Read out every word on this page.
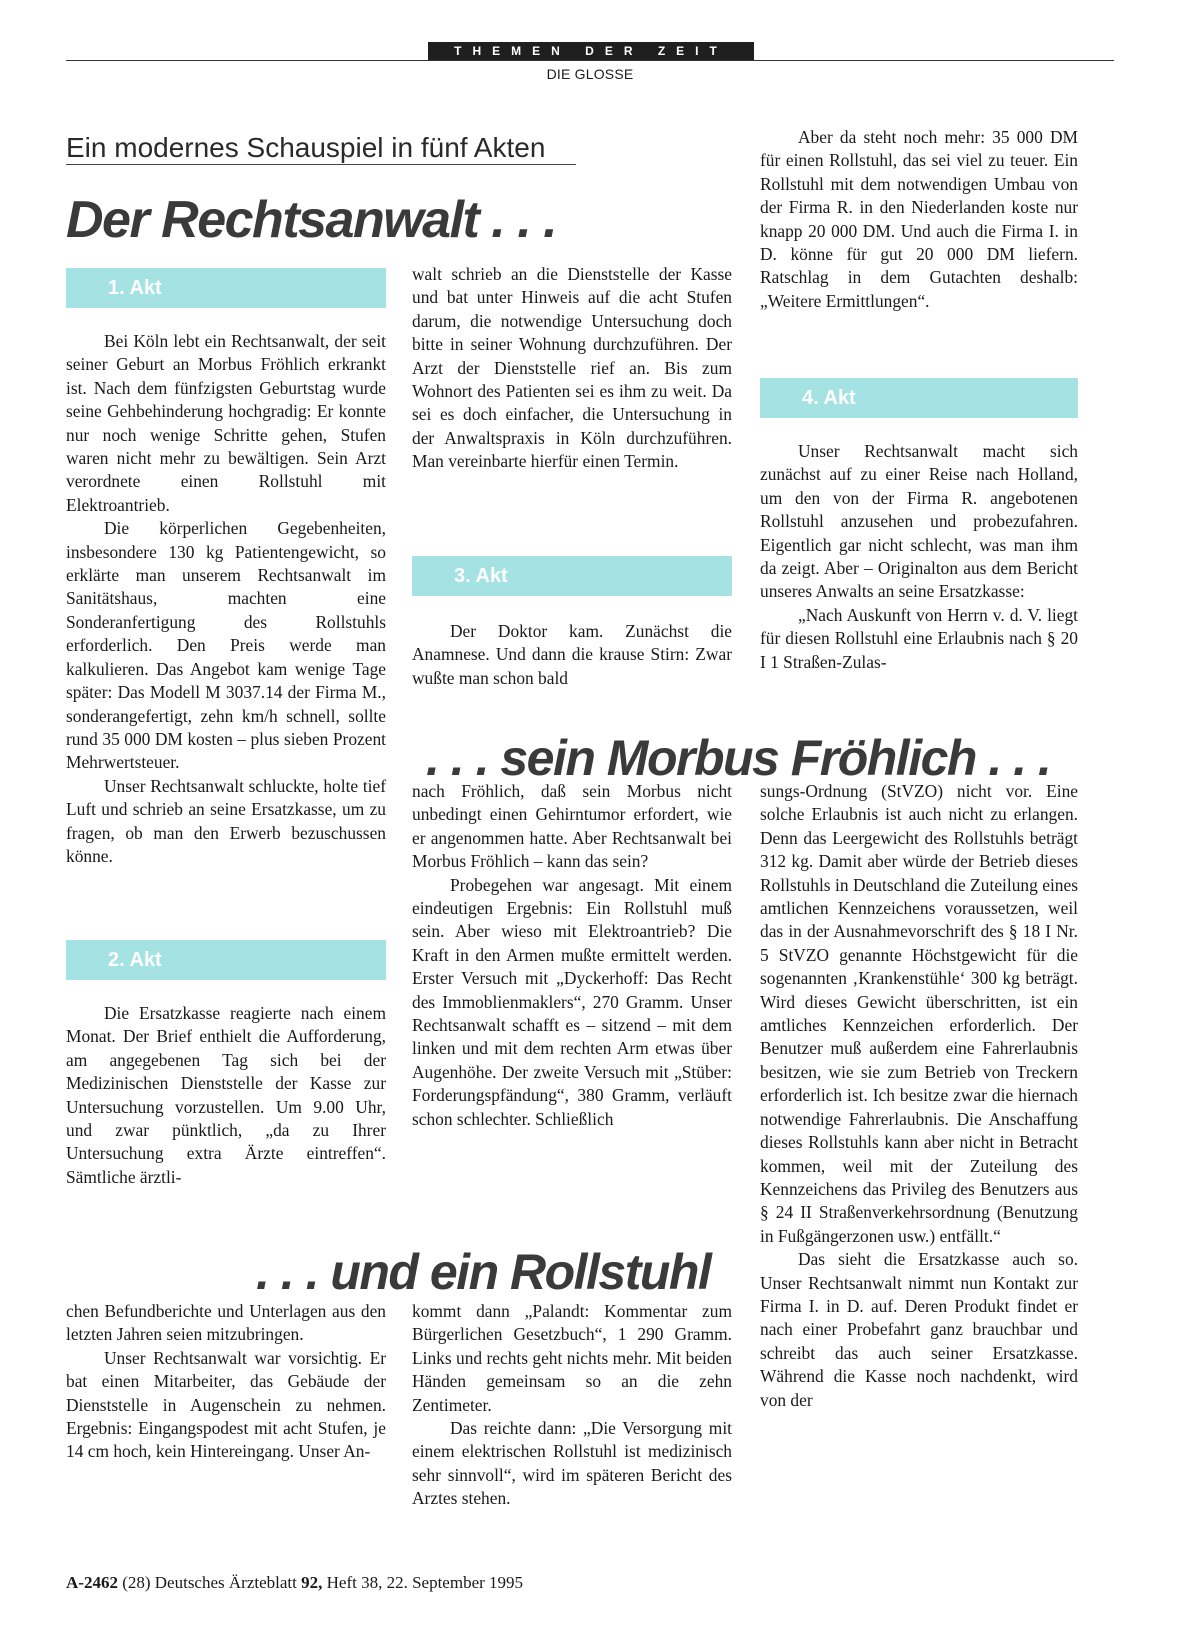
THEMEN DER ZEIT
DIE GLOSSE
Ein modernes Schauspiel in fünf Akten
Der Rechtsanwalt . . .
1. Akt

Bei Köln lebt ein Rechtsanwalt, der seit seiner Geburt an Morbus Fröhlich erkrankt ist. Nach dem fünfzigsten Geburtstag wurde seine Gehbehinderung hochgradig: Er konnte nur noch wenige Schritte gehen, Stufen waren nicht mehr zu bewältigen. Sein Arzt verordnete einen Rollstuhl mit Elektroantrieb.

Die körperlichen Gegebenheiten, insbesondere 130 kg Patientengewicht, so erklärte man unserem Rechtsanwalt im Sanitätshaus, machten eine Sonderanfertigung des Rollstuhls erforderlich. Den Preis werde man kalkulieren. Das Angebot kam wenige Tage später: Das Modell M 3037.14 der Firma M., sonderangefertigt, zehn km/h schnell, sollte rund 35 000 DM kosten – plus sieben Prozent Mehrwertsteuer.

Unser Rechtsanwalt schluckte, holte tief Luft und schrieb an seine Ersatzkasse, um zu fragen, ob man den Erwerb bezuschussen könne.

2. Akt

Die Ersatzkasse reagierte nach einem Monat. Der Brief enthielt die Aufforderung, am angegebenen Tag sich bei der Medizinischen Dienststelle der Kasse zur Untersuchung vorzustellen. Um 9.00 Uhr, und zwar pünktlich, „da zu Ihrer Untersuchung extra Ärzte eintreffen“. Sämtliche ärztli-

walt schrieb an die Dienststelle der Kasse und bat unter Hinweis auf die acht Stufen darum, die notwendige Untersuchung doch bitte in seiner Wohnung durchzuführen. Der Arzt der Dienststelle rief an. Bis zum Wohnort des Patienten sei es ihm zu weit. Da sei es doch einfacher, die Untersuchung in der Anwaltspraxis in Köln durchzuführen. Man vereinbarte hierfür einen Termin.

3. Akt

Der Doktor kam. Zunächst die Anamnese. Und dann die krause Stirn: Zwar wußte man schon bald

Aber da steht noch mehr: 35 000 DM für einen Rollstuhl, das sei viel zu teuer. Ein Rollstuhl mit dem notwendigen Umbau von der Firma R. in den Niederlanden koste nur knapp 20 000 DM. Und auch die Firma I. in D. könne für gut 20 000 DM liefern. Ratschlag in dem Gutachten deshalb: „Weitere Ermittlungen“.

4. Akt

Unser Rechtsanwalt macht sich zunächst auf zu einer Reise nach Holland, um den von der Firma R. angebotenen Rollstuhl anzusehen und probezufahren. Eigentlich gar nicht schlecht, was man ihm da zeigt. Aber – Originalton aus dem Bericht unseres Anwalts an seine Ersatzkasse:

„Nach Auskunft von Herrn v. d. V. liegt für diesen Rollstuhl eine Erlaubnis nach § 20 I 1 Straßen-Zulas-

. . . sein Morbus Fröhlich . . .

nach Fröhlich, daß sein Morbus nicht unbedingt einen Gehirntumor erfordert, wie er angenommen hatte. Aber Rechtsanwalt bei Morbus Fröhlich – kann das sein?

Probegehen war angesagt. Mit einem eindeutigen Ergebnis: Ein Rollstuhl muß sein. Aber wieso mit Elektroantrieb? Die Kraft in den Armen mußte ermittelt werden. Erster Versuch mit „Dyckerhoff: Das Recht des Immoblienmaklers“, 270 Gramm. Unser Rechtsanwalt schafft es – sitzend – mit dem linken und mit dem rechten Arm etwas über Augenhöhe. Der zweite Versuch mit „Stüber: Forderungspfändung“, 380 Gramm, verläuft schon schlechter. Schließlich

sungs-Ordnung (StVZO) nicht vor. Eine solche Erlaubnis ist auch nicht zu erlangen. Denn das Leergewicht des Rollstuhls beträgt 312 kg. Damit aber würde der Betrieb dieses Rollstuhls in Deutschland die Zuteilung eines amtlichen Kennzeichens voraussetzen, weil das in der Ausnahmevorschrift des § 18 I Nr. 5 StVZO genannte Höchstgewicht für die sogenannten ‚Krankenstühle‘ 300 kg beträgt. Wird dieses Gewicht überschritten, ist ein amtliches Kennzeichen erforderlich. Der Benutzer muß außerdem eine Fahrerlaubnis besitzen, wie sie zum Betrieb von Treckern erforderlich ist. Ich besitze zwar die hiernach notwendige Fahrerlaubnis. Die Anschaffung dieses Rollstuhls kann aber nicht in Betracht kommen, weil mit der Zuteilung des Kennzeichens das Privileg des Benutzers aus § 24 II Straßenverkehrsordnung (Benutzung in Fußgängerzonen usw.) entfällt.“

Das sieht die Ersatzkasse auch so. Unser Rechtsanwalt nimmt nun Kontakt zur Firma I. in D. auf. Deren Produkt findet er nach einer Probefahrt ganz brauchbar und schreibt das auch seiner Ersatzkasse. Während die Kasse noch nachdenkt, wird von der

. . . und ein Rollstuhl

chen Befundberichte und Unterlagen aus den letzten Jahren seien mitzubringen.

Unser Rechtsanwalt war vorsichtig. Er bat einen Mitarbeiter, das Gebäude der Dienststelle in Augenschein zu nehmen. Ergebnis: Eingangspodest mit acht Stufen, je 14 cm hoch, kein Hintereingang. Unser An-

kommt dann „Palandt: Kommentar zum Bürgerlichen Gesetzbuch“, 1 290 Gramm. Links und rechts geht nichts mehr. Mit beiden Händen gemeinsam so an die zehn Zentimeter.

Das reichte dann: „Die Versorgung mit einem elektrischen Rollstuhl ist medizinisch sehr sinnvoll“, wird im späteren Bericht des Arztes stehen.

A-2462 (28) Deutsches Ärzteblatt 92, Heft 38, 22. September 1995
